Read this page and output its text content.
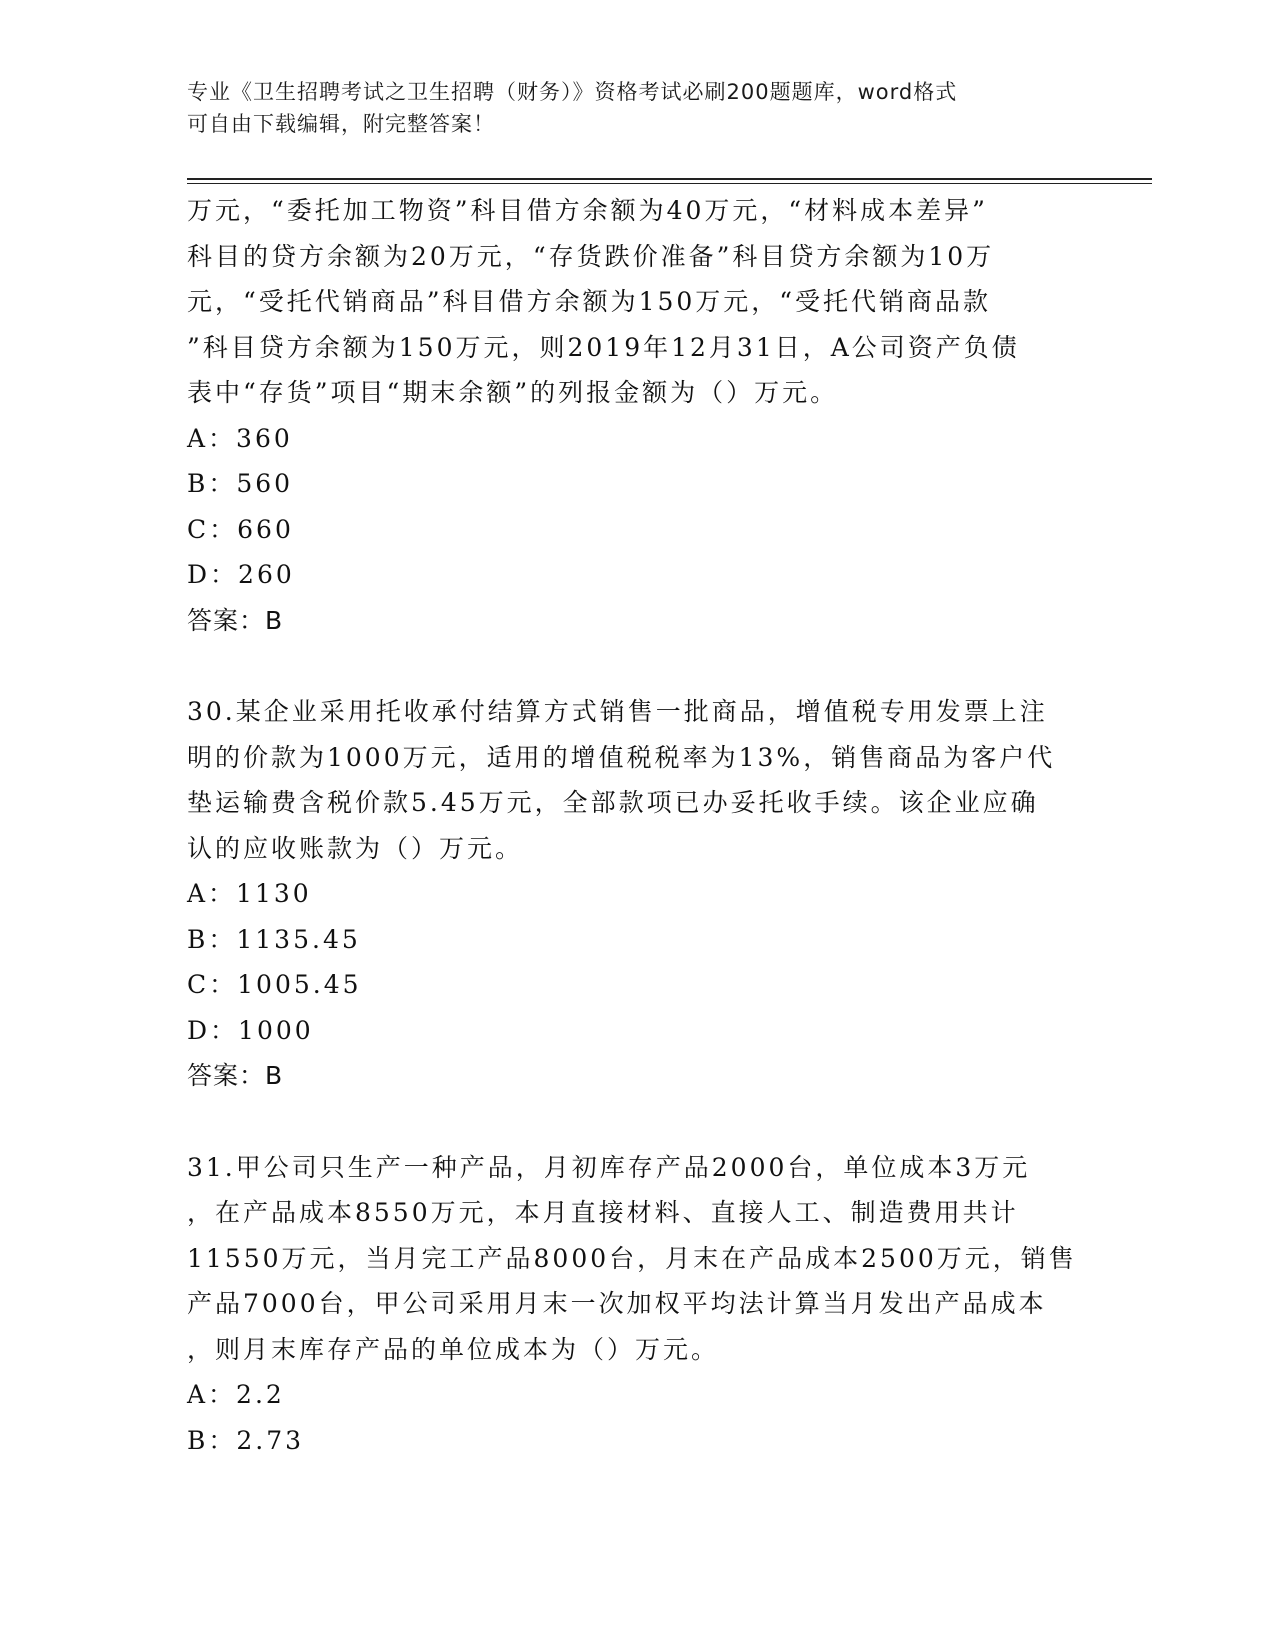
专业《卫生招聘考试之卫生招聘（财务）》资格考试必刷200题题库，word格式
可自由下载编辑，附完整答案！
万元，“委托加工物资”科目借方余额为40万元，“材料成本差异”
科目的贷方余额为20万元，“存货跌价准备”科目贷方余额为10万
元，“受托代销商品”科目借方余额为150万元，“受托代销商品款
”科目贷方余额为150万元，则2019年12月31日，A公司资产负债
表中“存货”项目“期末余额”的列报金额为（）万元。
A：360
B：560
C：660
D：260
答案：B
30.某企业采用托收承付结算方式销售一批商品，增值税专用发票上注
明的价款为1000万元，适用的增值税税率为13%，销售商品为客户代
垫运输费含税价款5.45万元，全部款项已办妥托收手续。该企业应确
认的应收账款为（）万元。
A：1130
B：1135.45
C：1005.45
D：1000
答案：B
31.甲公司只生产一种产品，月初库存产品2000台，单位成本3万元
，在产品成本8550万元，本月直接材料、直接人工、制造费用共计
11550万元，当月完工产品8000台，月末在产品成本2500万元，销售
产品7000台，甲公司采用月末一次加权平均法计算当月发出产品成本
，则月末库存产品的单位成本为（）万元。
A：2.2
B：2.73
